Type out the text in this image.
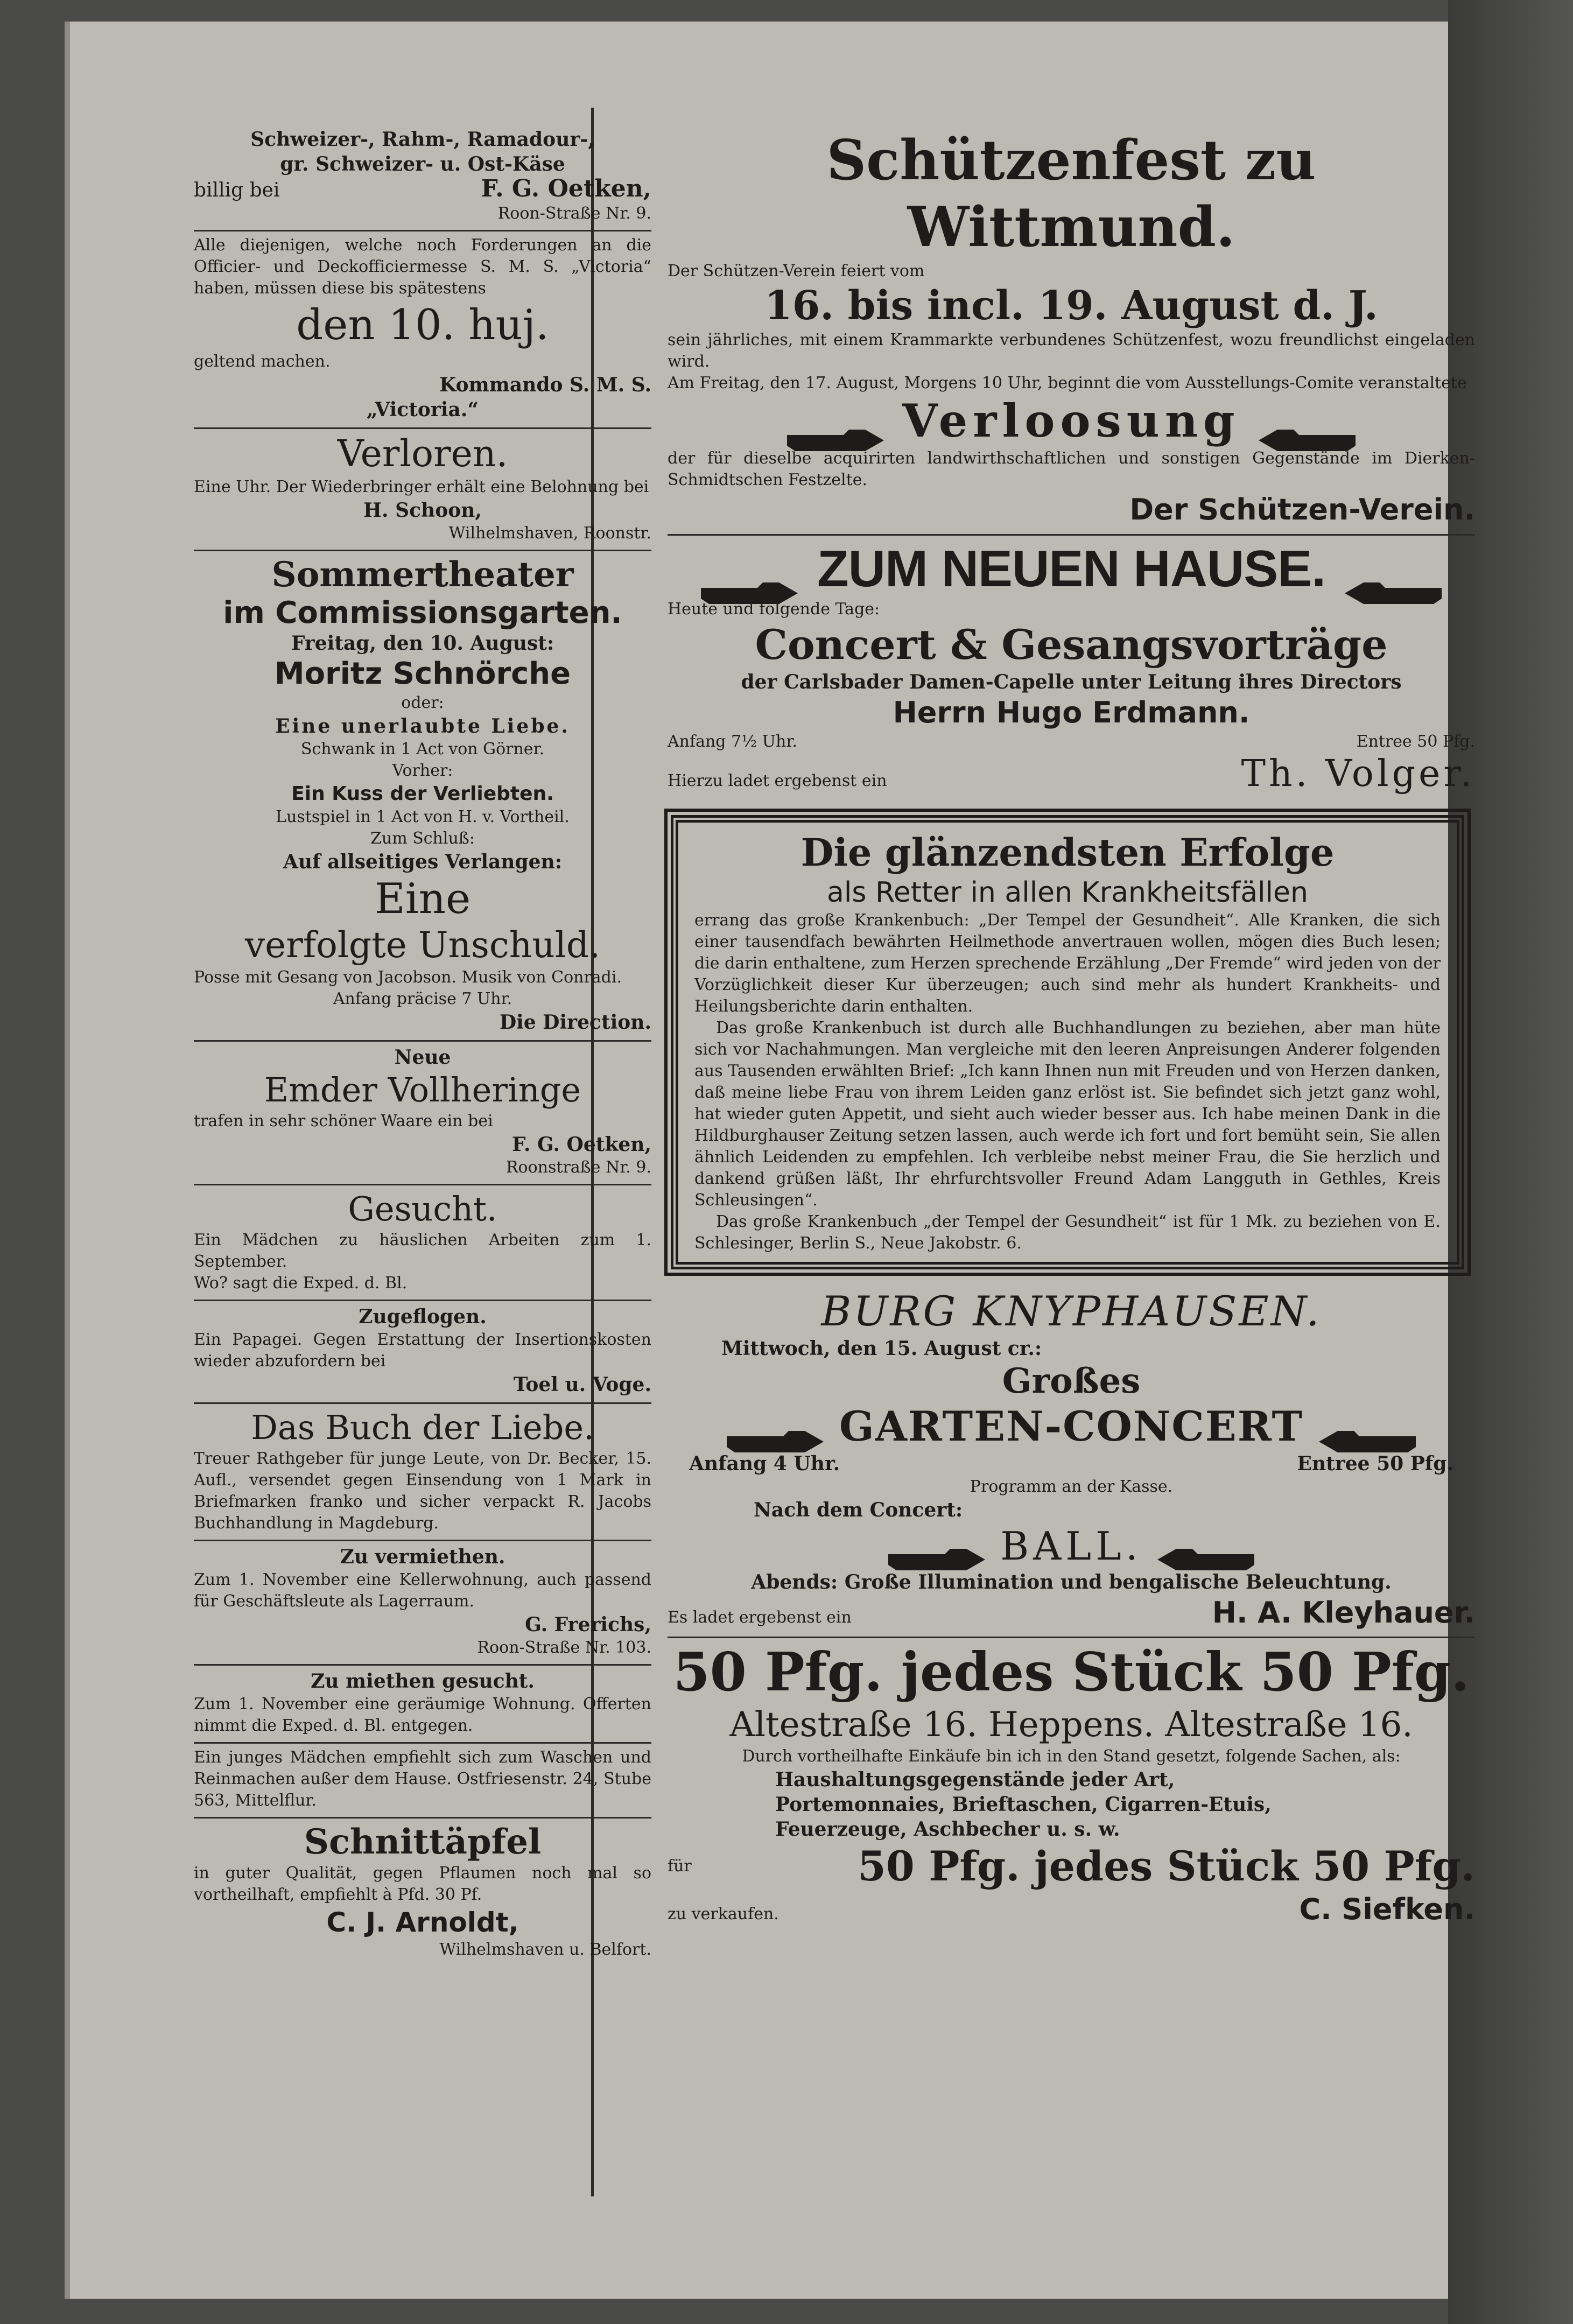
Schweizer-, Rahm-, Ramadour-,
gr. Schweizer- u. Ost-Käse
billig bei	F. G. Oetken,
Roon-Straße Nr. 9.
Alle diejenigen, welche noch Forderungen an die Officier- und Deckofficiermesse S. M. S. „Victoria“ haben, müssen diese bis spätestens
den 10. huj.
geltend machen.
Kommando S. M. S.
„Victoria.“
Verloren.
Eine Uhr. Der Wiederbringer erhält eine Belohnung bei
H. Schoon,
Wilhelmshaven, Roonstr.
Sommertheater
im Commissionsgarten.
Freitag, den 10. August:
Moritz Schnörche
oder:
Eine unerlaubte Liebe.
Schwank in 1 Act von Görner.
Vorher:
Ein Kuss der Verliebten.
Lustspiel in 1 Act von H. v. Vortheil.
Zum Schluß:
Auf allseitiges Verlangen:
Eine
verfolgte Unschuld.
Posse mit Gesang von Jacobson. Musik von Conradi.
Anfang präcise 7 Uhr.
Die Direction.
Neue
Emder Vollheringe
trafen in sehr schöner Waare ein bei
F. G. Oetken,
Roonstraße Nr. 9.
Gesucht.
Ein Mädchen zu häuslichen Arbeiten zum 1. September.
Wo? sagt die Exped. d. Bl.
Zugeflogen.
Ein Papagei. Gegen Erstattung der Insertionskosten wieder abzufordern bei
Toel u. Voge.
Das Buch der Liebe.
Treuer Rathgeber für junge Leute, von Dr. Becker, 15. Aufl., versendet gegen Einsendung von 1 Mark in Briefmarken franko und sicher verpackt R. Jacobs Buchhandlung in Magdeburg.
Zu vermiethen.
Zum 1. November eine Kellerwohnung, auch passend für Geschäftsleute als Lagerraum.
G. Frerichs,
Roon-Straße Nr. 103.
Zu miethen gesucht.
Zum 1. November eine geräumige Wohnung. Offerten nimmt die Exped. d. Bl. entgegen.
Ein junges Mädchen empfiehlt sich zum Waschen und Reinmachen außer dem Hause. Ostfriesenstr. 24, Stube 563, Mittelflur.
Schnittäpfel
in guter Qualität, gegen Pflaumen noch mal so vortheilhaft, empfiehlt à Pfd. 30 Pf.
C. J. Arnoldt,
Wilhelmshaven u. Belfort.
Schützenfest zu Wittmund.
Der Schützen-Verein feiert vom
16. bis incl. 19. August d. J.
sein jährliches, mit einem Krammarkte verbundenes Schützenfest, wozu freundlichst eingeladen wird.
Am Freitag, den 17. August, Morgens 10 Uhr, beginnt die vom Ausstellungs-Comite veranstaltete
Verloosung
der für dieselbe acquirirten landwirthschaftlichen und sonstigen Gegenstände im Dierken-Schmidtschen Festzelte.
Der Schützen-Verein.
ZUM NEUEN HAUSE.
Heute und folgende Tage:
Concert & Gesangsvorträge
der Carlsbader Damen-Capelle unter Leitung ihres Directors
Herrn Hugo Erdmann.
Anfang 7½ Uhr.	Entree 50 Pfg.
Hierzu ladet ergebenst ein	Th. Volger.
Die glänzendsten Erfolge
als Retter in allen Krankheitsfällen
errang das große Krankenbuch: „Der Tempel der Gesundheit“. Alle Kranken, die sich einer tausendfach bewährten Heilmethode anvertrauen wollen, mögen dies Buch lesen; die darin enthaltene, zum Herzen sprechende Erzählung „Der Fremde“ wird jeden von der Vorzüglichkeit dieser Kur überzeugen; auch sind mehr als hundert Krankheits- und Heilungsberichte darin enthalten.
Das große Krankenbuch ist durch alle Buchhandlungen zu beziehen, aber man hüte sich vor Nachahmungen. Man vergleiche mit den leeren Anpreisungen Anderer folgenden aus Tausenden erwählten Brief: „Ich kann Ihnen nun mit Freuden und von Herzen danken, daß meine liebe Frau von ihrem Leiden ganz erlöst ist. Sie befindet sich jetzt ganz wohl, hat wieder guten Appetit, und sieht auch wieder besser aus. Ich habe meinen Dank in die Hildburghauser Zeitung setzen lassen, auch werde ich fort und fort bemüht sein, Sie allen ähnlich Leidenden zu empfehlen. Ich verbleibe nebst meiner Frau, die Sie herzlich und dankend grüßen läßt, Ihr ehrfurchtsvoller Freund Adam Langguth in Gethles, Kreis Schleusingen“.
Das große Krankenbuch „der Tempel der Gesundheit“ ist für 1 Mk. zu beziehen von E. Schlesinger, Berlin S., Neue Jakobstr. 6.
BURG KNYPHAUSEN.
Mittwoch, den 15. August cr.:
Großes
GARTEN-CONCERT
Anfang 4 Uhr.	Entree 50 Pfg.
Programm an der Kasse.
Nach dem Concert:
BALL.
Abends: Große Illumination und bengalische Beleuchtung.
Es ladet ergebenst ein	H. A. Kleyhauer.
50 Pfg. jedes Stück 50 Pfg.
Altestraße 16. Heppens. Altestraße 16.
Durch vortheilhafte Einkäufe bin ich in den Stand gesetzt, folgende Sachen, als:
Haushaltungsgegenstände jeder Art,
Portemonnaies, Brieftaschen, Cigarren-Etuis,
Feuerzeuge, Aschbecher u. s. w.
für	50 Pfg. jedes Stück 50 Pfg.
zu verkaufen.	C. Siefken.
